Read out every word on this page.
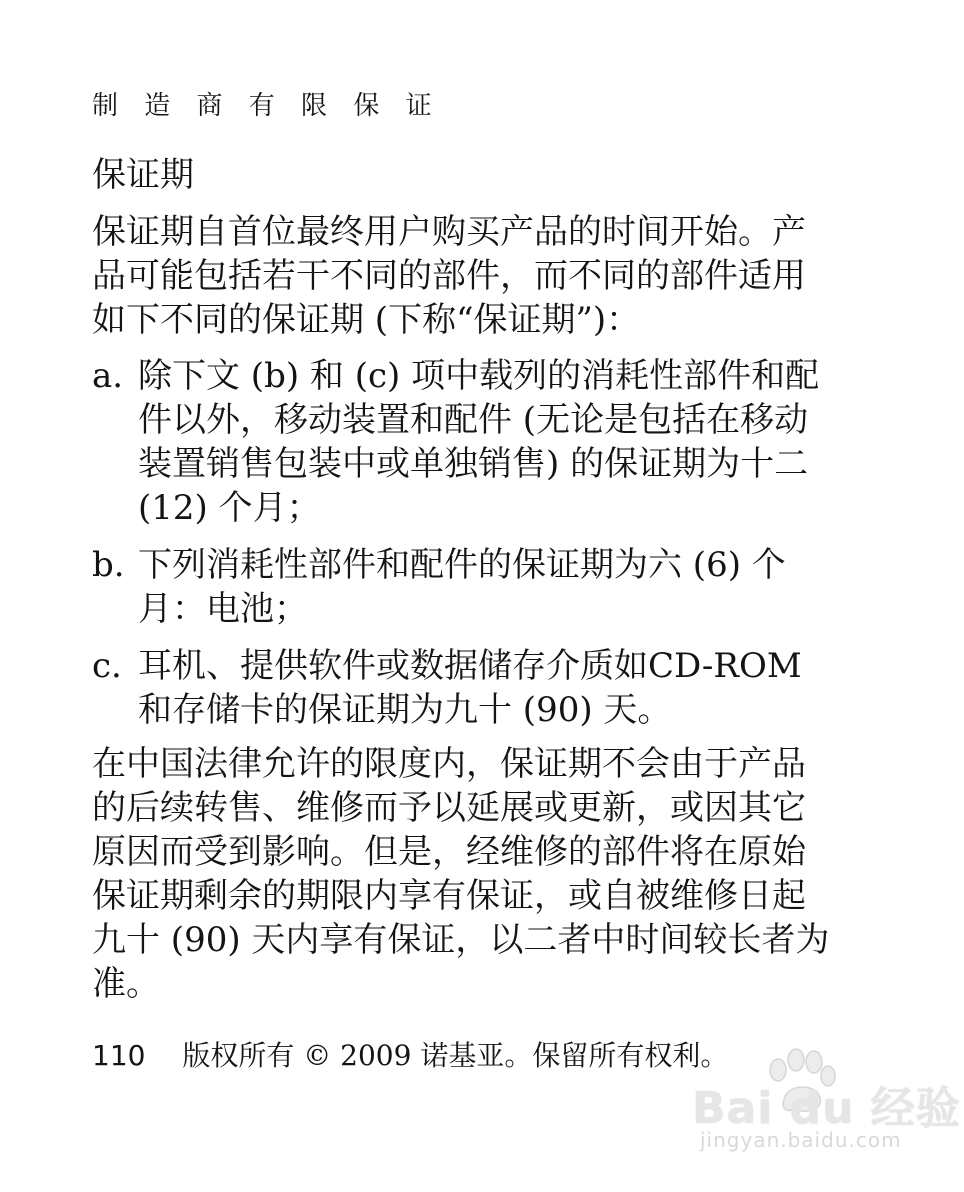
制 造 商 有 限 保 证
保证期
保证期自首位最终用户购买产品的时间开始。产品可能包括若干不同的部件，而不同的部件适用如下不同的保证期 (下称“保证期”)：
a. 除下文 (b) 和 (c) 项中载列的消耗性部件和配件以外，移动装置和配件 (无论是包括在移动装置销售包装中或单独销售) 的保证期为十二 (12) 个月；
b. 下列消耗性部件和配件的保证期为六 (6) 个月：电池；
c. 耳机、提供软件或数据储存介质如CD-ROM和存储卡的保证期为九十 (90) 天。
在中国法律允许的限度内，保证期不会由于产品的后续转售、维修而予以延展或更新，或因其它原因而受到影响。但是，经维修的部件将在原始保证期剩余的期限内享有保证，或自被维修日起九十 (90) 天内享有保证，以二者中时间较长者为准。
110 版权所有 © 2009 诺基亚。保留所有权利。
Bai du 经验
jingyan.baidu.com
